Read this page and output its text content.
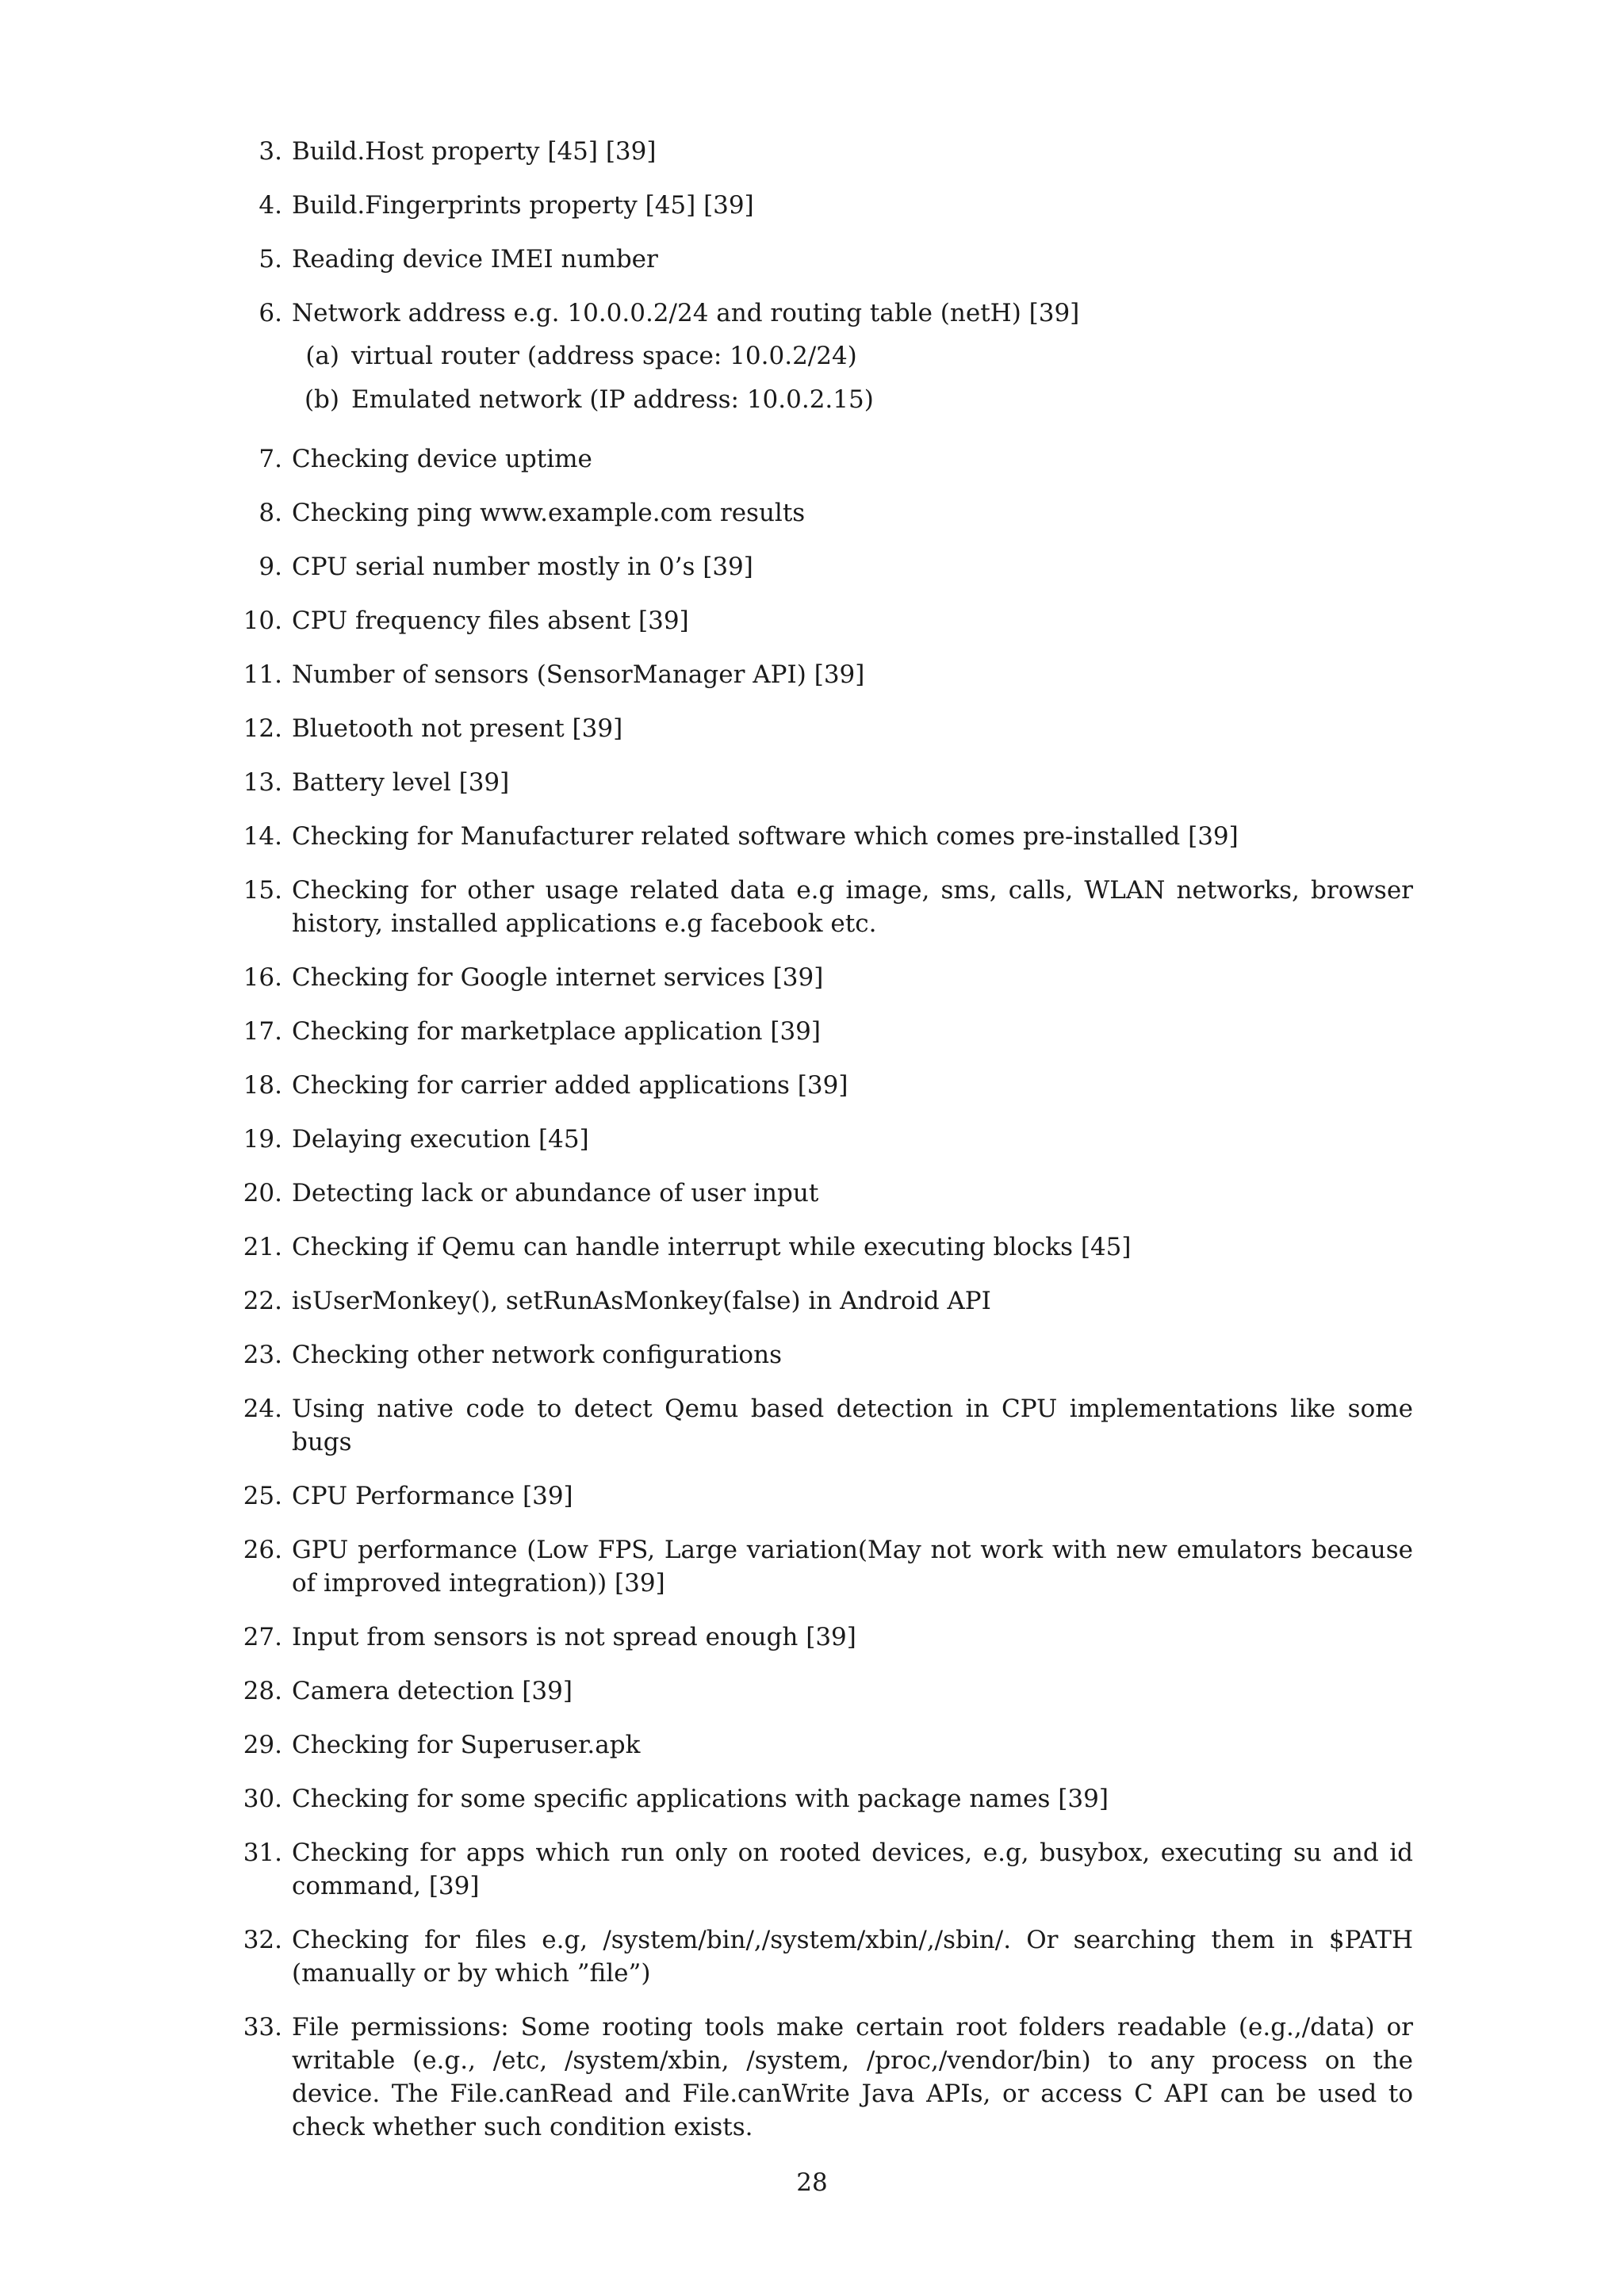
3. Build.Host property [45] [39]
4. Build.Fingerprints property [45] [39]
5. Reading device IMEI number
6. Network address e.g. 10.0.0.2/24 and routing table (netH) [39]
(a) virtual router (address space: 10.0.2/24)
(b) Emulated network (IP address: 10.0.2.15)
7. Checking device uptime
8. Checking ping www.example.com results
9. CPU serial number mostly in 0’s [39]
10. CPU frequency files absent [39]
11. Number of sensors (SensorManager API) [39]
12. Bluetooth not present [39]
13. Battery level [39]
14. Checking for Manufacturer related software which comes pre-installed [39]
15. Checking for other usage related data e.g image, sms, calls, WLAN networks, browser history, installed applications e.g facebook etc.
16. Checking for Google internet services [39]
17. Checking for marketplace application [39]
18. Checking for carrier added applications [39]
19. Delaying execution [45]
20. Detecting lack or abundance of user input
21. Checking if Qemu can handle interrupt while executing blocks [45]
22. isUserMonkey(), setRunAsMonkey(false) in Android API
23. Checking other network configurations
24. Using native code to detect Qemu based detection in CPU implementations like some bugs
25. CPU Performance [39]
26. GPU performance (Low FPS, Large variation(May not work with new emulators because of improved integration)) [39]
27. Input from sensors is not spread enough [39]
28. Camera detection [39]
29. Checking for Superuser.apk
30. Checking for some specific applications with package names [39]
31. Checking for apps which run only on rooted devices, e.g, busybox, executing su and id command, [39]
32. Checking for files e.g, /system/bin/,/system/xbin/,/sbin/. Or searching them in $PATH (manually or by which ”file”)
33. File permissions: Some rooting tools make certain root folders readable (e.g.,/data) or writable (e.g., /etc, /system/xbin, /system, /proc,/vendor/bin) to any process on the device. The File.canRead and File.canWrite Java APIs, or access C API can be used to check whether such condition exists.
28
